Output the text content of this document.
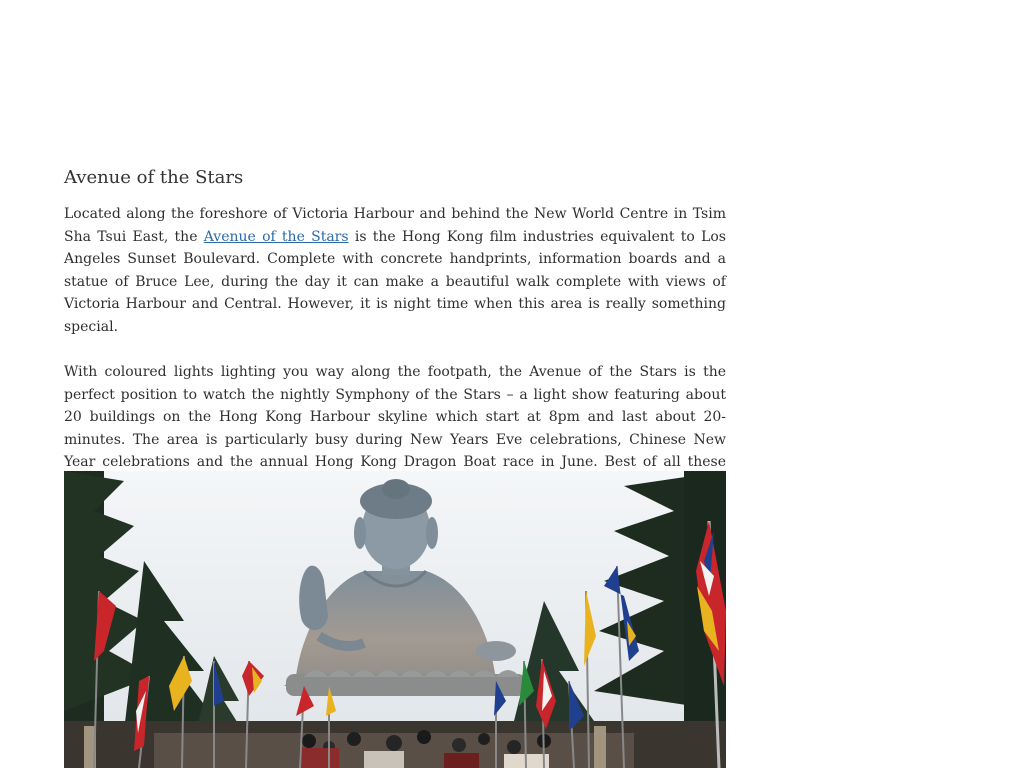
Avenue of the Stars

Located along the foreshore of Victoria Harbour and behind the New World Centre in Tsim Sha Tsui East, the Avenue of the Stars is the Hong Kong film industries equivalent to Los Angeles Sunset Boulevard. Complete with concrete handprints, information boards and a statue of Bruce Lee, during the day it can make a beautiful walk complete with views of Victoria Harbour and Central. However, it is night time when this area is really something special.

With coloured lights lighting you way along the footpath, the Avenue of the Stars is the perfect position to watch the nightly Symphony of the Stars – a light show featuring about 20 buildings on the Hong Kong Harbour skyline which start at 8pm and last about 20-minutes. The area is particularly busy during New Years Eve celebrations, Chinese New Year celebrations and the annual Hong Kong Dragon Boat race in June. Best of all these
